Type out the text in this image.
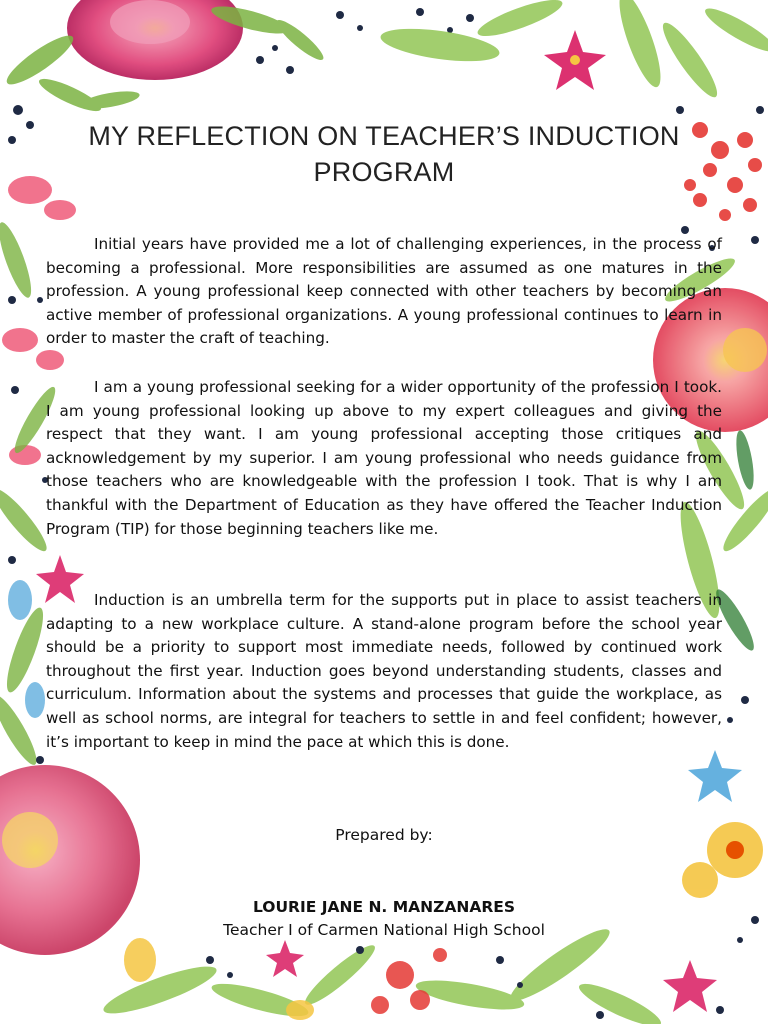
MY REFLECTION ON TEACHER’S INDUCTION PROGRAM

Initial years have provided me a lot of challenging experiences, in the process of becoming a professional. More responsibilities are assumed as one matures in the profession. A young professional keep connected with other teachers by becoming an active member of professional organizations. A young professional continues to learn in order to master the craft of teaching.

I am a young professional seeking for a wider opportunity of the profession I took. I am young professional looking up above to my expert colleagues and giving the respect that they want. I am young professional accepting those critiques and acknowledgement by my superior. I am young professional who needs guidance from those teachers who are knowledgeable with the profession I took. That is why I am thankful with the Department of Education as they have offered the Teacher Induction Program (TIP) for those beginning teachers like me.

Induction is an umbrella term for the supports put in place to assist teachers in adapting to a new workplace culture. A stand-alone program before the school year should be a priority to support most immediate needs, followed by continued work throughout the first year. Induction goes beyond understanding students, classes and curriculum. Information about the systems and processes that guide the workplace, as well as school norms, are integral for teachers to settle in and feel confident; however, it’s important to keep in mind the pace at which this is done.

Prepared by:
LOURIE JANE N. MANZANARES
Teacher I of Carmen National High School
